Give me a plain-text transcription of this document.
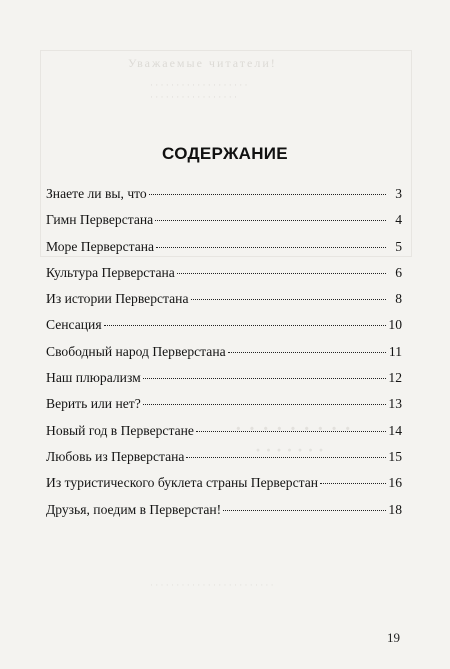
Уважаемые читатели!
· · · · · · · · · · · · · · · · · · ·
· · · · · · · · · · · · · · · · ·
· · · · · · · · ·
· · · · · · ·
· · · · · · · · · · · · · · · · · · · · · · · ·
СОДЕРЖАНИЕ
Знаете ли вы, что	3
Гимн Перверстана	4
Море Перверстана	5
Культура Перверстана	6
Из истории Перверстана	8
Сенсация	10
Свободный народ Перверстана	11
Наш плюрализм	12
Верить или нет?	13
Новый год в Перверстане	14
Любовь из Перверстана	15
Из туристического буклета страны Перверстан	16
Друзья, поедим в Перверстан!	18
19
